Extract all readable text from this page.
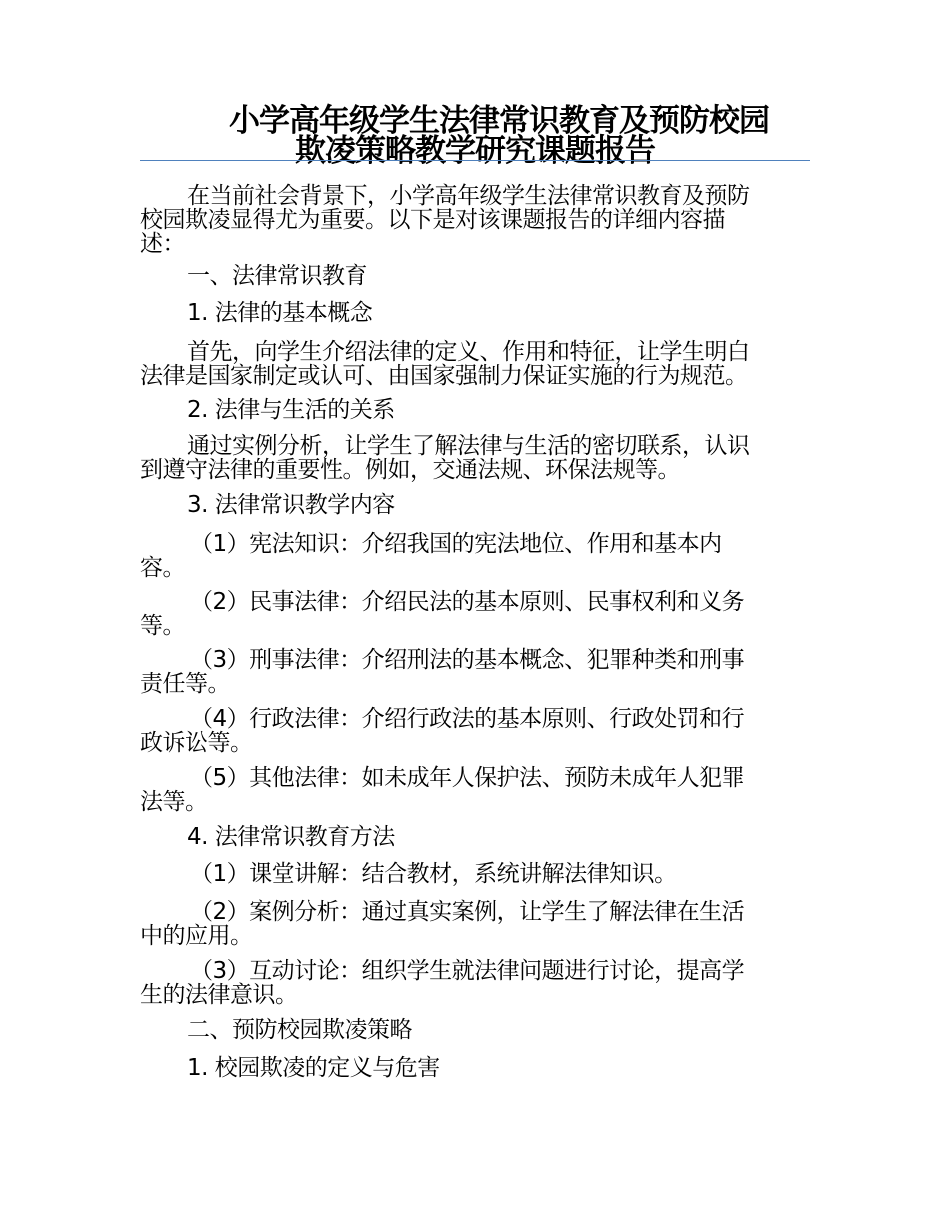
小学高年级学生法律常识教育及预防校园
欺凌策略教学研究课题报告

在当前社会背景下，小学高年级学生法律常识教育及预防
校园欺凌显得尤为重要。以下是对该课题报告的详细内容描
述：

一、法律常识教育

1. 法律的基本概念

首先，向学生介绍法律的定义、作用和特征，让学生明白
法律是国家制定或认可、由国家强制力保证实施的行为规范。

2. 法律与生活的关系

通过实例分析，让学生了解法律与生活的密切联系，认识
到遵守法律的重要性。例如，交通法规、环保法规等。

3. 法律常识教学内容

（1）宪法知识：介绍我国的宪法地位、作用和基本内
容。

（2）民事法律：介绍民法的基本原则、民事权利和义务
等。

（3）刑事法律：介绍刑法的基本概念、犯罪种类和刑事
责任等。

（4）行政法律：介绍行政法的基本原则、行政处罚和行
政诉讼等。

（5）其他法律：如未成年人保护法、预防未成年人犯罪
法等。

4. 法律常识教育方法

（1）课堂讲解：结合教材，系统讲解法律知识。

（2）案例分析：通过真实案例，让学生了解法律在生活
中的应用。

（3）互动讨论：组织学生就法律问题进行讨论，提高学
生的法律意识。

二、预防校园欺凌策略

1. 校园欺凌的定义与危害
